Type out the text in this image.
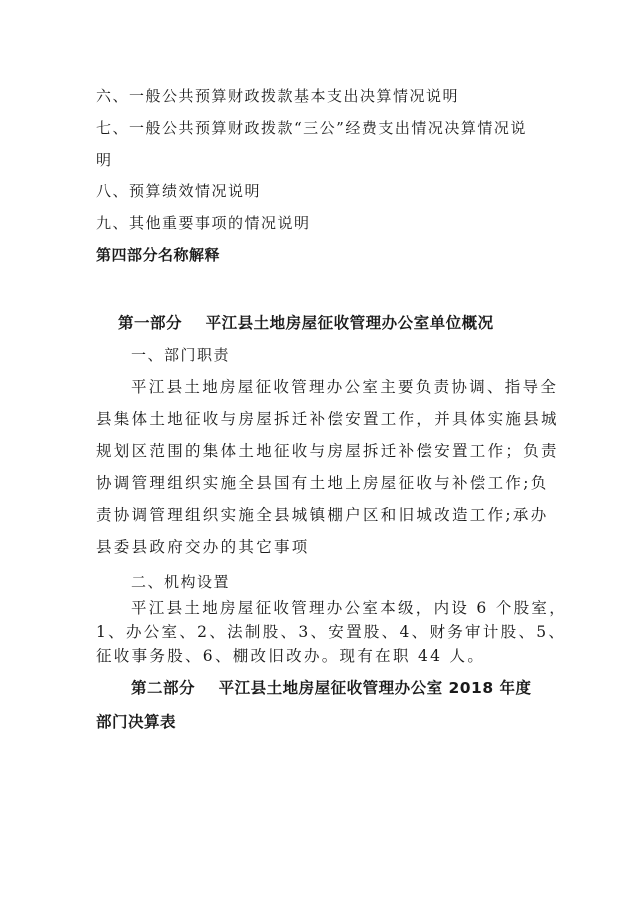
六、一般公共预算财政拨款基本支出决算情况说明
七、一般公共预算财政拨款“三公”经费支出情况决算情况说
明
八、预算绩效情况说明
九、其他重要事项的情况说明
第四部分名称解释
第一部分    平江县土地房屋征收管理办公室单位概况
一、部门职责
平江县土地房屋征收管理办公室主要负责协调、指导全
县集体土地征收与房屋拆迁补偿安置工作，并具体实施县城
规划区范围的集体土地征收与房屋拆迁补偿安置工作；负责
协调管理组织实施全县国有土地上房屋征收与补偿工作;负
责协调管理组织实施全县城镇棚户区和旧城改造工作;承办
县委县政府交办的其它事项
二、机构设置
平江县土地房屋征收管理办公室本级，内设 6 个股室，
1、办公室、2、法制股、3、安置股、4、财务审计股、5、
征收事务股、6、棚改旧改办。现有在职 44 人。
第二部分    平江县土地房屋征收管理办公室 2018 年度
部门决算表
